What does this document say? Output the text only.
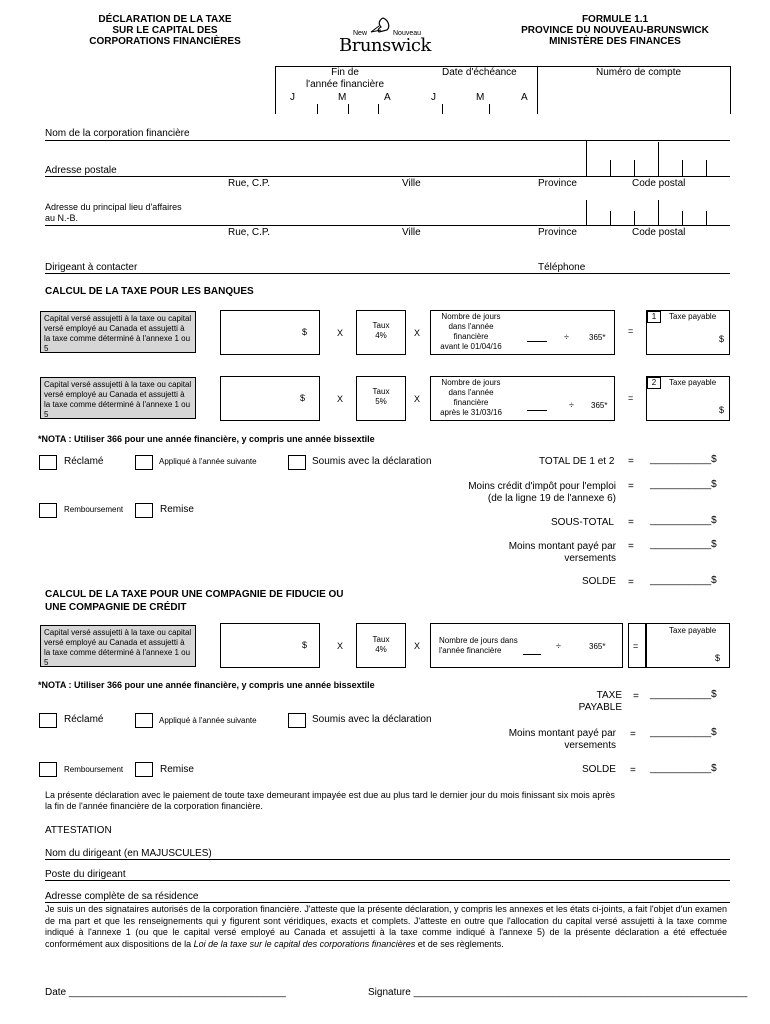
DÉCLARATION DE LA TAXE
SUR LE CAPITAL DES
CORPORATIONS FINANCIÈRES
New	Nouveau
Brunswick
FORMULE 1.1
PROVINCE DU NOUVEAU-BRUNSWICK
MINISTÈRE DES FINANCES
Fin de
l'année financière
Date d'échéance	Numéro de compte
J	M	A	J	M	A
Nom de la corporation financière
Adresse postale
Rue, C.P.	Ville	Province	Code postal
Adresse du principal lieu d'affaires
au N.-B.
Rue, C.P.	Ville	Province	Code postal
Dirigeant à contacter	Téléphone
CALCUL DE LA TAXE POUR LES BANQUES
Capital versé assujetti à la taxe ou capital versé employé au Canada et assujetti à la taxe comme déterminé à l'annexe 1 ou 5
$	X
Taux
4%	X
Nombre de jours
dans l'année
financière
avant le 01/04/16
÷	365*
=
1	Taxe payable
$
Capital versé assujetti à la taxe ou capital versé employé au Canada et assujetti à la taxe comme déterminé à l'annexe 1 ou 5
$	X
Taux
5%	X
Nombre de jours
dans l'année
financière
après le 31/03/16
÷ 365*
=
2	Taxe payable
$
*NOTA : Utiliser 366 pour une année financière, y compris une année bissextile
Réclamé	Appliqué à l'année suivante	Soumis avec la déclaration	TOTAL DE 1 et 2 = ___________$
Moins crédit d'impôt pour l'emploi
(de la ligne 19 de l'annexe 6)
= ___________$
Remboursement	Remise
SOUS-TOTAL = ___________$
Moins montant payé par
versements
= ___________$
SOLDE = ___________$
CALCUL DE LA TAXE POUR UNE COMPAGNIE DE FIDUCIE OU
UNE COMPAGNIE DE CRÉDIT
Capital versé assujetti à la taxe ou capital versé employé au Canada et assujetti à la taxe comme déterminé à l'annexe 1 ou 5
$	X
Taux
4%	X
Nombre de jours dans
l'année financière	÷	365*	=
Taxe payable
$
*NOTA : Utiliser 366 pour une année financière, y compris une année bissextile
TAXE
PAYABLE
= ___________$
Réclamé	Appliqué à l'année suivante	Soumis avec la déclaration
Moins montant payé par
versements
= ___________$
Remboursement	Remise	SOLDE = ___________$
La présente déclaration avec le paiement de toute taxe demeurant impayée est due au plus tard le dernier jour du mois finissant six mois après
la fin de l'année financière de la corporation financière.
ATTESTATION
Nom du dirigeant (en MAJUSCULES)
Poste du dirigeant
Adresse complète de sa résidence
Je suis un des signataires autorisés de la corporation financière. J'atteste que la présente déclaration, y compris les annexes et les états ci-joints, a fait l'objet d'un examen de ma part et que les renseignements qui y figurent sont véridiques, exacts et complets. J'atteste en outre que l'allocation du capital versé assujetti à la taxe comme indiqué à l'annexe 1 (ou que le capital versé employé au Canada et assujetti à la taxe comme indiqué à l'annexe 5) de la présente déclaration a été effectuée conformément aux dispositions de la Loi de la taxe sur le capital des corporations financières et de ses règlements.
Date _______________________________________	Signature ____________________________________________________________
